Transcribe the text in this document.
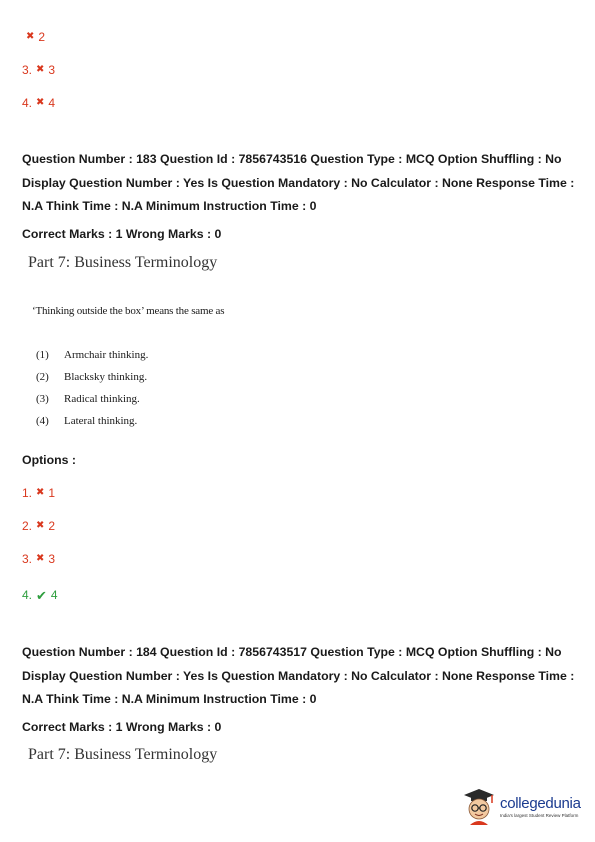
✖ 2
3. ✖ 3
4. ✖ 4
Question Number : 183 Question Id : 7856743516 Question Type : MCQ Option Shuffling : No Display Question Number : Yes Is Question Mandatory : No Calculator : None Response Time : N.A Think Time : N.A Minimum Instruction Time : 0
Correct Marks : 1 Wrong Marks : 0
Part 7: Business Terminology
‘Thinking outside the box’ means the same as
(1)	Armchair thinking.
(2)	Blacksky thinking.
(3)	Radical thinking.
(4)	Lateral thinking.
Options :
1. ✖ 1
2. ✖ 2
3. ✖ 3
4. ✔ 4
Question Number : 184 Question Id : 7856743517 Question Type : MCQ Option Shuffling : No Display Question Number : Yes Is Question Mandatory : No Calculator : None Response Time : N.A Think Time : N.A Minimum Instruction Time : 0
Correct Marks : 1 Wrong Marks : 0
Part 7: Business Terminology
collegedunia
India's largest Student Review Platform
